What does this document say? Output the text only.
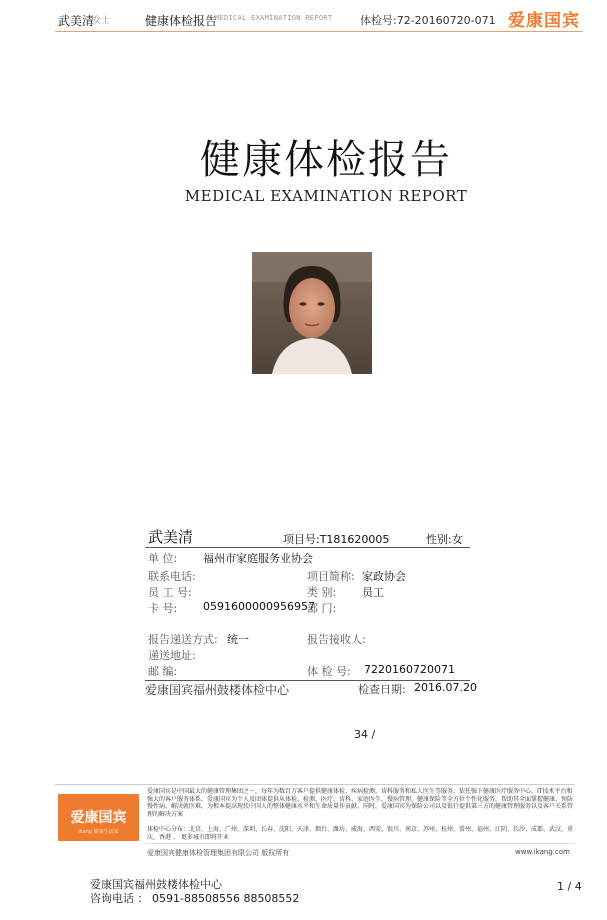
武美清
女士	健康体检报告
MEDICAL EXAMINATION REPORT	体检号:72-20160720-071 爱康国宾
健康体检报告
MEDICAL EXAMINATION REPORT
武美清	项目号:T181620005	性别:女
单 位: 福州市家庭服务业协会
联系电话:	项目简称: 家政协会
员 工 号:	类 别: 员工
卡 号: 0591600000956957
部 门:
报告递送方式: 统一	报告接收人:
递送地址:
邮 编:	体 检 号: 7220160720071
爱康国宾福州鼓楼体检中心	检查日期: 2016.07.20
34 /
爱康国宾
ikang 健康生活家
爱康国宾是中国最大的健康管理集团之一，每年为数百万客户提供健康体检、疾病检测、齿科服务和私人医生等服务，依托强下健康医疗服务中心、IT技术平台和强大的客户服务体系，爱康国宾为个人及团体提供从体检、检测、医疗、齿科、家庭医生、慢病管理、健康保险等全方位个性化服务，帮助其全面掌握健康、预防慢性病，解决就医难，为根本提高现代中国人的整体健康水平和生命质量作贡献。同时，爱康国宾为保险公司以及银行提供第三方的健康管理服务以及客户关系管理的解决方案
体检中心分布：北京、上海、广州、深圳、长春、沈阳、天津、烟台、潍坊、威海、西安、银川、南京、苏州、杭州、常州、福州、江阴、长沙、成都、武汉、重庆、香港 、 更多城市即将开业
爱康国宾健康体检管理集团有限公司 版权所有	www.ikang.com
爱康国宾福州鼓楼体检中心
咨询电话 ： 0591-88508556 88508552
1 / 4
